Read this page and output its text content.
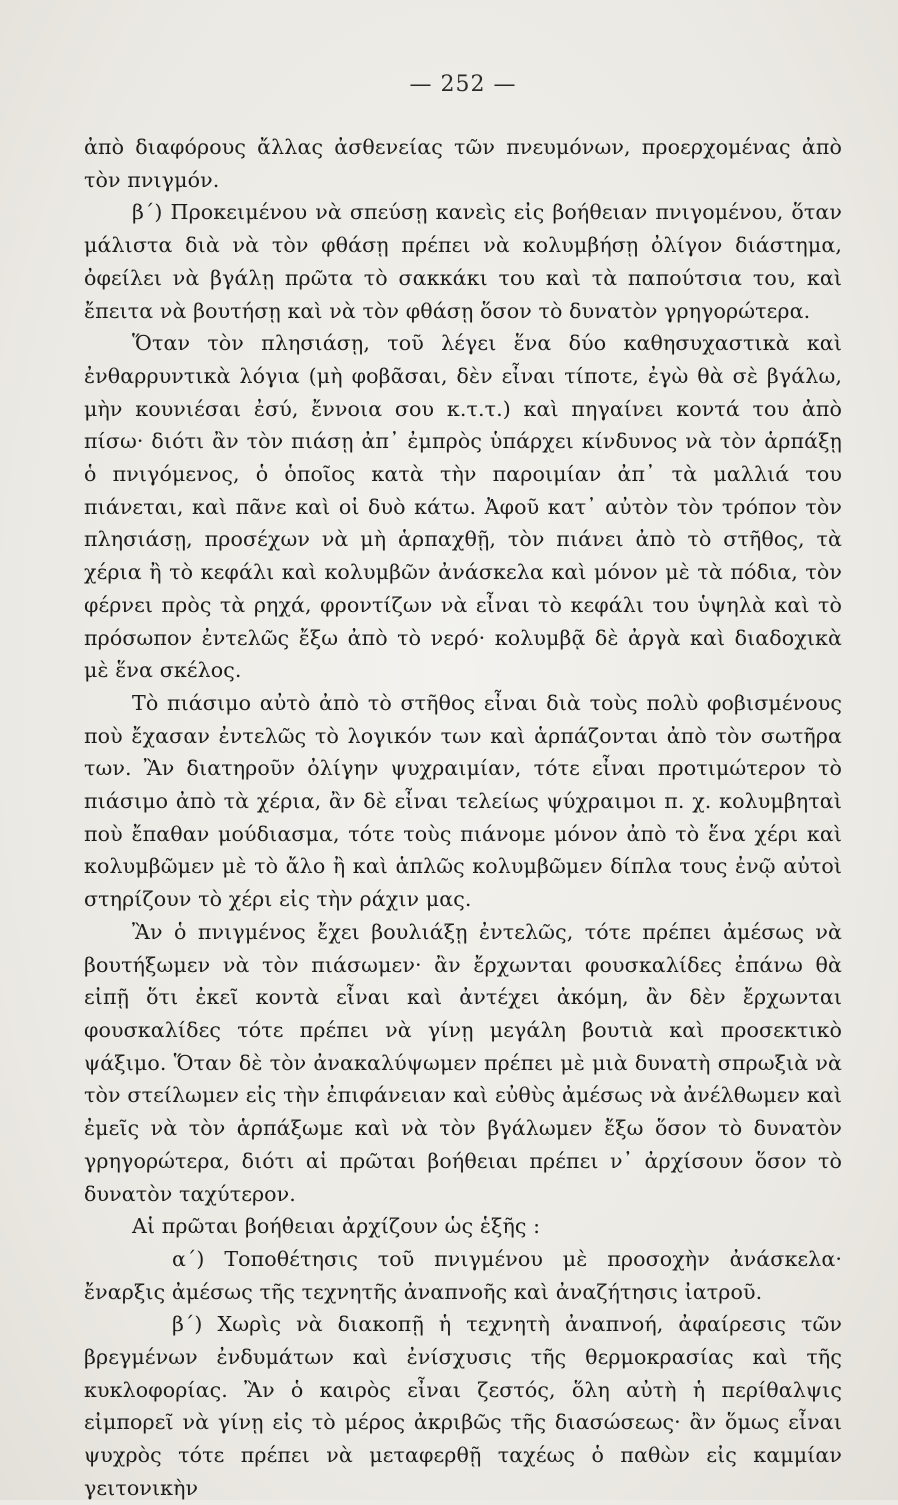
— 252 —

ἀπὸ διαφόρους ἄλλας ἀσθενείας τῶν πνευμόνων, προερχομένας ἀπὸ τὸν πνιγμόν.

β΄) Προκειμένου νὰ σπεύσῃ κανεὶς εἰς βοήθειαν πνιγομένου, ὅταν μάλιστα διὰ νὰ τὸν φθάσῃ πρέπει νὰ κολυμβήσῃ ὀλίγον διάστημα, ὀφείλει νὰ βγάλῃ πρῶτα τὸ σακκάκι του καὶ τὰ παπούτσια του, καὶ ἔπειτα νὰ βουτήσῃ καὶ νὰ τὸν φθάσῃ ὅσον τὸ δυνατὸν γρηγορώτερα.

Ὅταν τὸν πλησιάσῃ, τοῦ λέγει ἕνα δύο καθησυχαστικὰ καὶ ἐνθαρρυντικὰ λόγια (μὴ φοβᾶσαι, δὲν εἶναι τίποτε, ἐγὼ θὰ σὲ βγάλω, μὴν κουνιέσαι ἐσύ, ἔννοια σου κ.τ.τ.) καὶ πηγαίνει κοντά του ἀπὸ πίσω· διότι ἂν τὸν πιάσῃ ἀπ᾿ ἐμπρὸς ὑπάρχει κίνδυνος νὰ τὸν ἁρπάξῃ ὁ πνιγόμενος, ὁ ὁποῖος κατὰ τὴν παροιμίαν ἀπ᾿ τὰ μαλλιά του πιάνεται, καὶ πᾶνε καὶ οἱ δυὸ κάτω. Ἀφοῦ κατ᾿ αὐτὸν τὸν τρόπον τὸν πλησιάσῃ, προσέχων νὰ μὴ ἁρπαχθῇ, τὸν πιάνει ἀπὸ τὸ στῆθος, τὰ χέρια ἢ τὸ κεφάλι καὶ κολυμβῶν ἀνάσκελα καὶ μόνον μὲ τὰ πόδια, τὸν φέρνει πρὸς τὰ ρηχά, φροντίζων νὰ εἶναι τὸ κεφάλι του ὑψηλὰ καὶ τὸ πρόσωπον ἐντελῶς ἔξω ἀπὸ τὸ νερό· κολυμβᾷ δὲ ἀργὰ καὶ διαδοχικὰ μὲ ἕνα σκέλος.

Τὸ πιάσιμο αὐτὸ ἀπὸ τὸ στῆθος εἶναι διὰ τοὺς πολὺ φοβισμένους ποὺ ἔχασαν ἐντελῶς τὸ λογικόν των καὶ ἁρπάζονται ἀπὸ τὸν σωτῆρα των. Ἂν διατηροῦν ὀλίγην ψυχραιμίαν, τότε εἶναι προτιμώτερον τὸ πιάσιμο ἀπὸ τὰ χέρια, ἂν δὲ εἶναι τελείως ψύχραιμοι π. χ. κολυμβηταὶ ποὺ ἔπαθαν μούδιασμα, τότε τοὺς πιάνομε μόνον ἀπὸ τὸ ἕνα χέρι καὶ κολυμβῶμεν μὲ τὸ ἄλο ἢ καὶ ἁπλῶς κολυμβῶμεν δίπλα τους ἐνῷ αὐτοὶ στηρίζουν τὸ χέρι εἰς τὴν ράχιν μας.

Ἂν ὁ πνιγμένος ἔχει βουλιάξῃ ἐντελῶς, τότε πρέπει ἀμέσως νὰ βουτήξωμεν νὰ τὸν πιάσωμεν· ἂν ἔρχωνται φουσκαλίδες ἐπάνω θὰ εἰπῇ ὅτι ἐκεῖ κοντὰ εἶναι καὶ ἀντέχει ἀκόμη, ἂν δὲν ἔρχωνται φουσκαλίδες τότε πρέπει νὰ γίνῃ μεγάλη βουτιὰ καὶ προσεκτικὸ ψάξιμο. Ὅταν δὲ τὸν ἀνακαλύψωμεν πρέπει μὲ μιὰ δυνατὴ σπρωξιὰ νὰ τὸν στείλωμεν εἰς τὴν ἐπιφάνειαν καὶ εὐθὺς ἀμέσως νὰ ἀνέλθωμεν καὶ ἐμεῖς νὰ τὸν ἁρπάξωμε καὶ νὰ τὸν βγάλωμεν ἔξω ὅσον τὸ δυνατὸν γρηγορώτερα, διότι αἱ πρῶται βοήθειαι πρέπει ν᾿ ἀρχίσουν ὅσον τὸ δυνατὸν ταχύτερον.

Αἱ πρῶται βοήθειαι ἀρχίζουν ὡς ἑξῆς :

α΄) Τοποθέτησις τοῦ πνιγμένου μὲ προσοχὴν ἀνάσκελα· ἔναρξις ἀμέσως τῆς τεχνητῆς ἀναπνοῆς καὶ ἀναζήτησις ἰατροῦ.

β΄) Χωρὶς νὰ διακοπῇ ἡ τεχνητὴ ἀναπνοή, ἀφαίρεσις τῶν βρεγμένων ἐνδυμάτων καὶ ἐνίσχυσις τῆς θερμοκρασίας καὶ τῆς κυκλοφορίας. Ἂν ὁ καιρὸς εἶναι ζεστός, ὅλη αὐτὴ ἡ περίθαλψις εἰμπορεῖ νὰ γίνῃ εἰς τὸ μέρος ἀκριβῶς τῆς διασώσεως· ἂν ὅμως εἶναι ψυχρὸς τότε πρέπει νὰ μεταφερθῇ ταχέως ὁ παθὼν εἰς καμμίαν γειτονικὴν
